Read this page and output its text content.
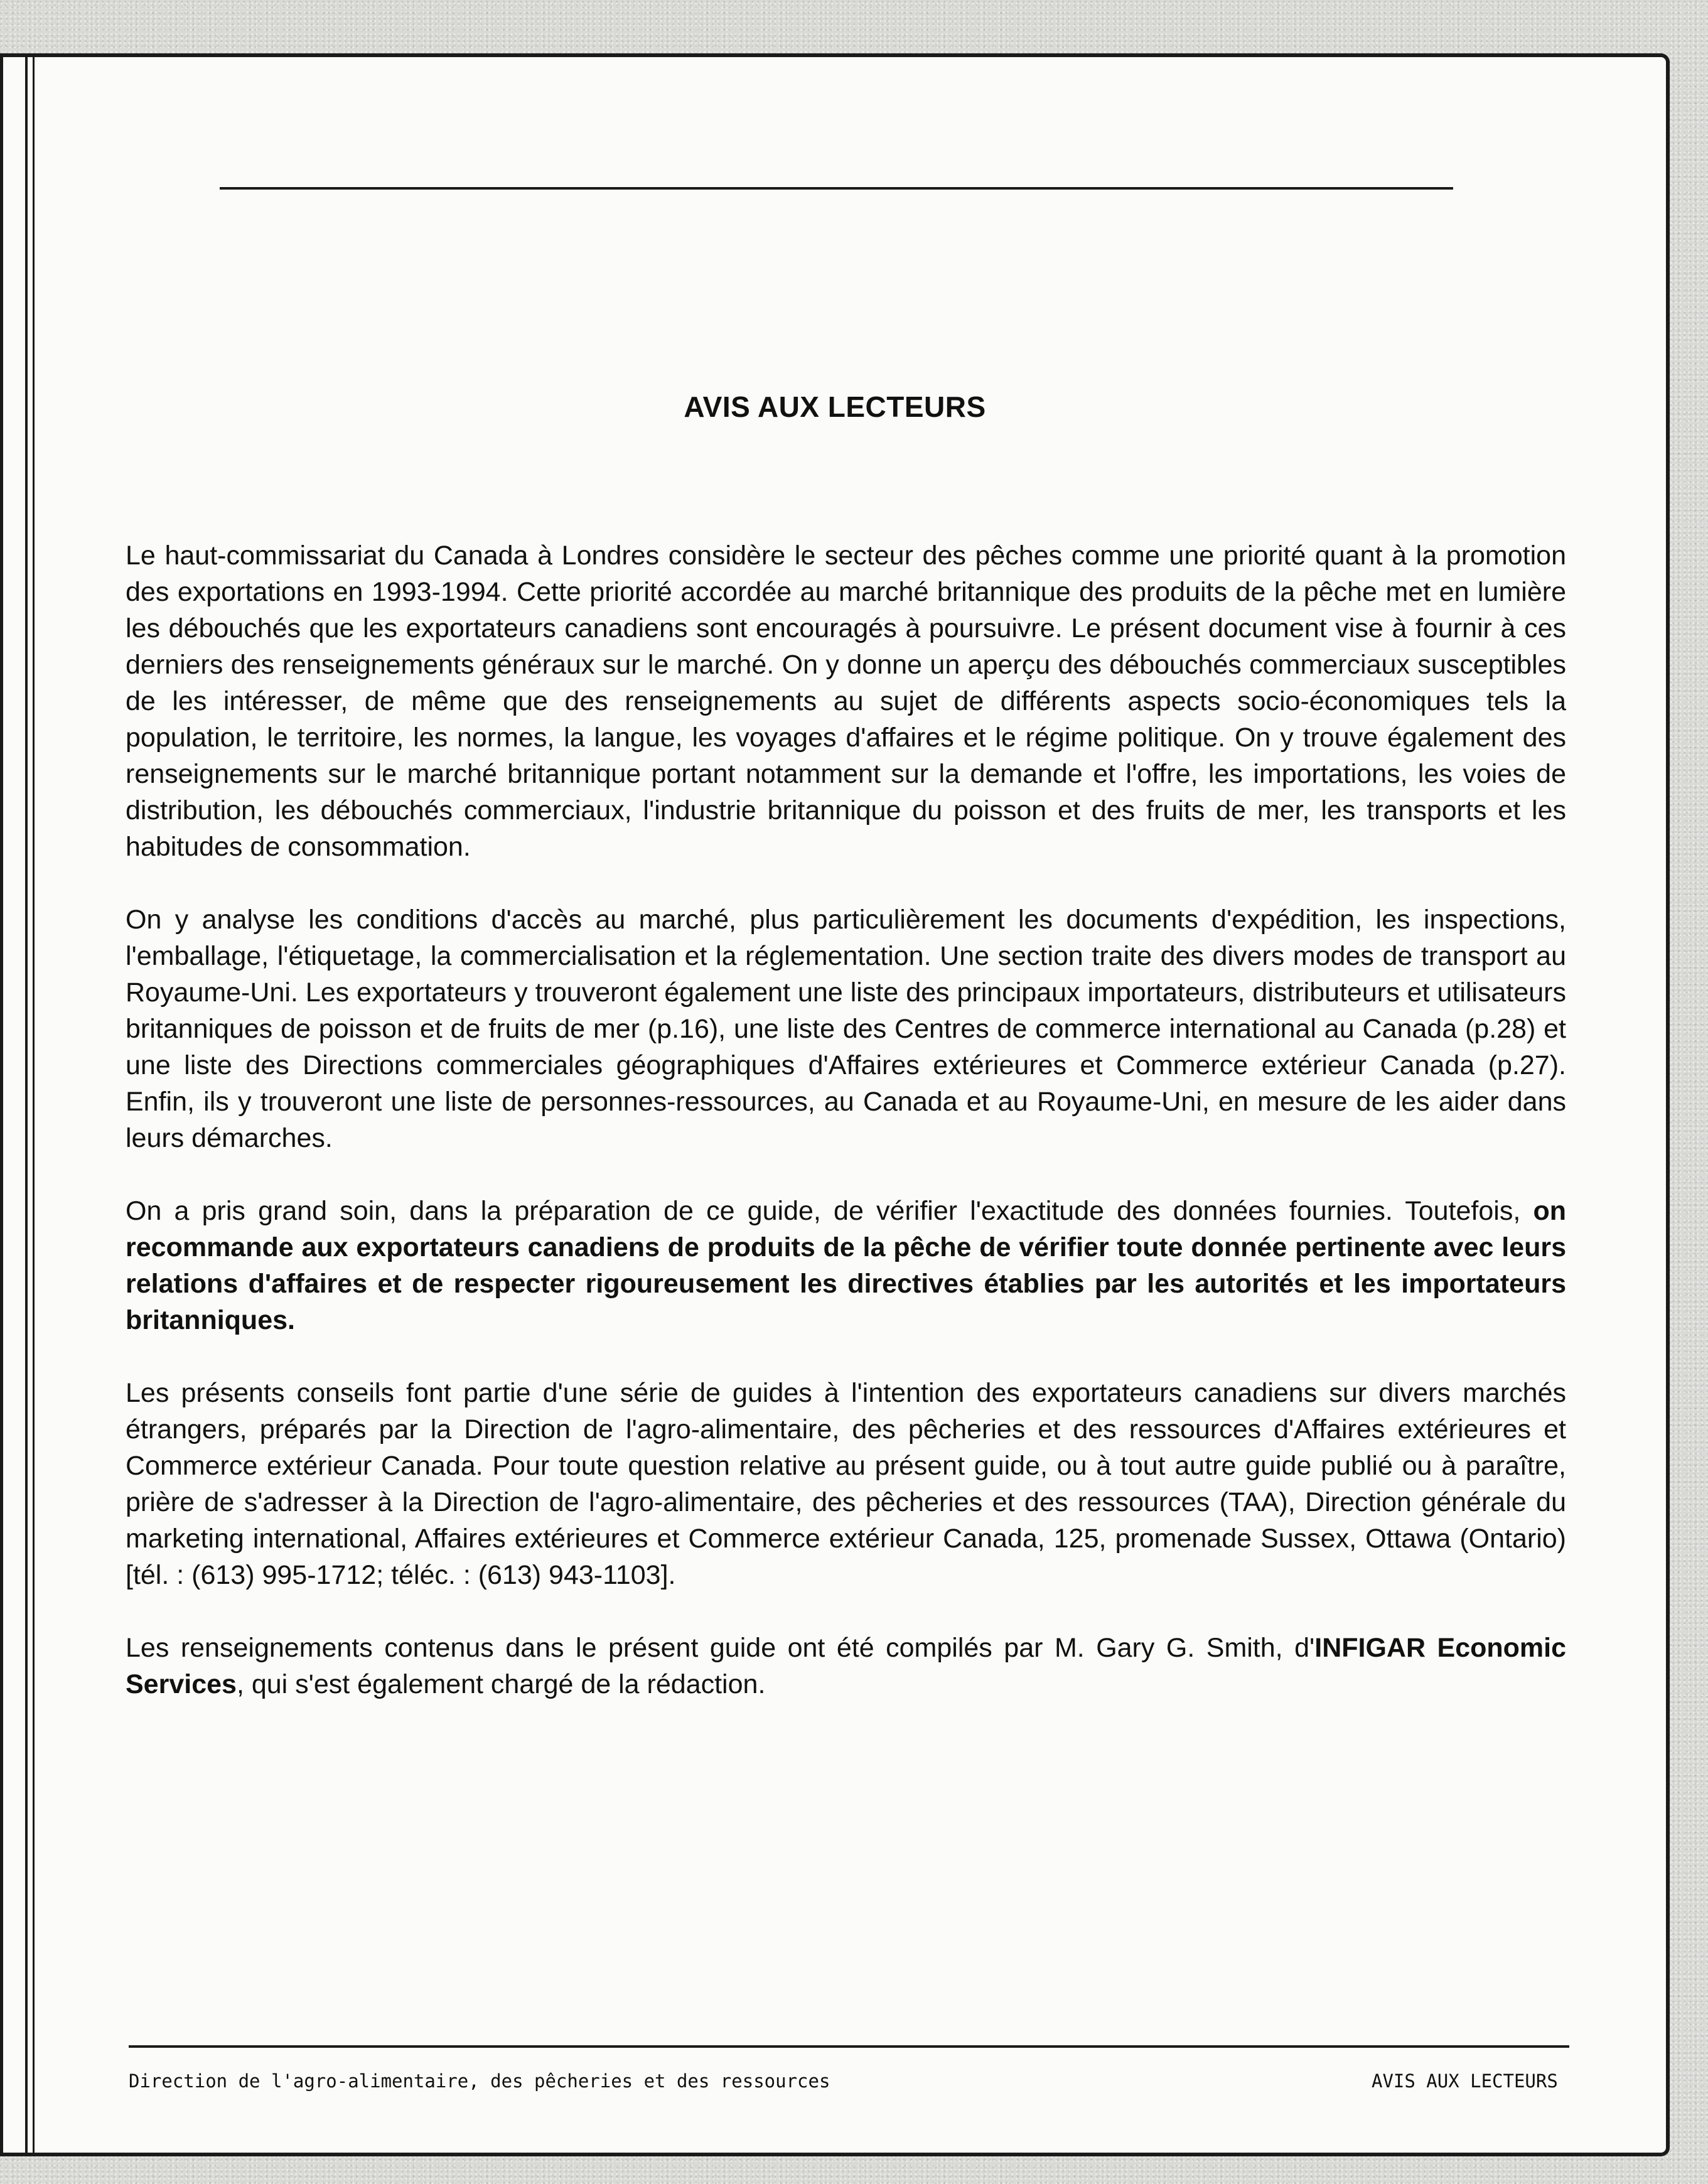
AVIS AUX LECTEURS

Le haut-commissariat du Canada à Londres considère le secteur des pêches comme une priorité quant à la promotion des exportations en 1993-1994. Cette priorité accordée au marché britannique des produits de la pêche met en lumière les débouchés que les exportateurs canadiens sont encouragés à poursuivre. Le présent document vise à fournir à ces derniers des renseignements généraux sur le marché. On y donne un aperçu des débouchés commerciaux susceptibles de les intéresser, de même que des renseignements au sujet de différents aspects socio-économiques tels la population, le territoire, les normes, la langue, les voyages d'affaires et le régime politique. On y trouve également des renseignements sur le marché britannique portant notamment sur la demande et l'offre, les importations, les voies de distribution, les débouchés commerciaux, l'industrie britannique du poisson et des fruits de mer, les transports et les habitudes de consommation.

On y analyse les conditions d'accès au marché, plus particulièrement les documents d'expédition, les inspections, l'emballage, l'étiquetage, la commercialisation et la réglementation. Une section traite des divers modes de transport au Royaume-Uni. Les exportateurs y trouveront également une liste des principaux importateurs, distributeurs et utilisateurs britanniques de poisson et de fruits de mer (p.16), une liste des Centres de commerce international au Canada (p.28) et une liste des Directions commerciales géographiques d'Affaires extérieures et Commerce extérieur Canada (p.27). Enfin, ils y trouveront une liste de personnes-ressources, au Canada et au Royaume-Uni, en mesure de les aider dans leurs démarches.

On a pris grand soin, dans la préparation de ce guide, de vérifier l'exactitude des données fournies. Toutefois, on recommande aux exportateurs canadiens de produits de la pêche de vérifier toute donnée pertinente avec leurs relations d'affaires et de respecter rigoureusement les directives établies par les autorités et les importateurs britanniques.

Les présents conseils font partie d'une série de guides à l'intention des exportateurs canadiens sur divers marchés étrangers, préparés par la Direction de l'agro-alimentaire, des pêcheries et des ressources d'Affaires extérieures et Commerce extérieur Canada. Pour toute question relative au présent guide, ou à tout autre guide publié ou à paraître, prière de s'adresser à la Direction de l'agro-alimentaire, des pêcheries et des ressources (TAA), Direction générale du marketing international, Affaires extérieures et Commerce extérieur Canada, 125, promenade Sussex, Ottawa (Ontario) [tél. : (613) 995-1712; téléc. : (613) 943-1103].

Les renseignements contenus dans le présent guide ont été compilés par M. Gary G. Smith, d'INFIGAR Economic Services, qui s'est également chargé de la rédaction.

Direction de l'agro-alimentaire, des pêcheries et des ressources	AVIS AUX LECTEURS
